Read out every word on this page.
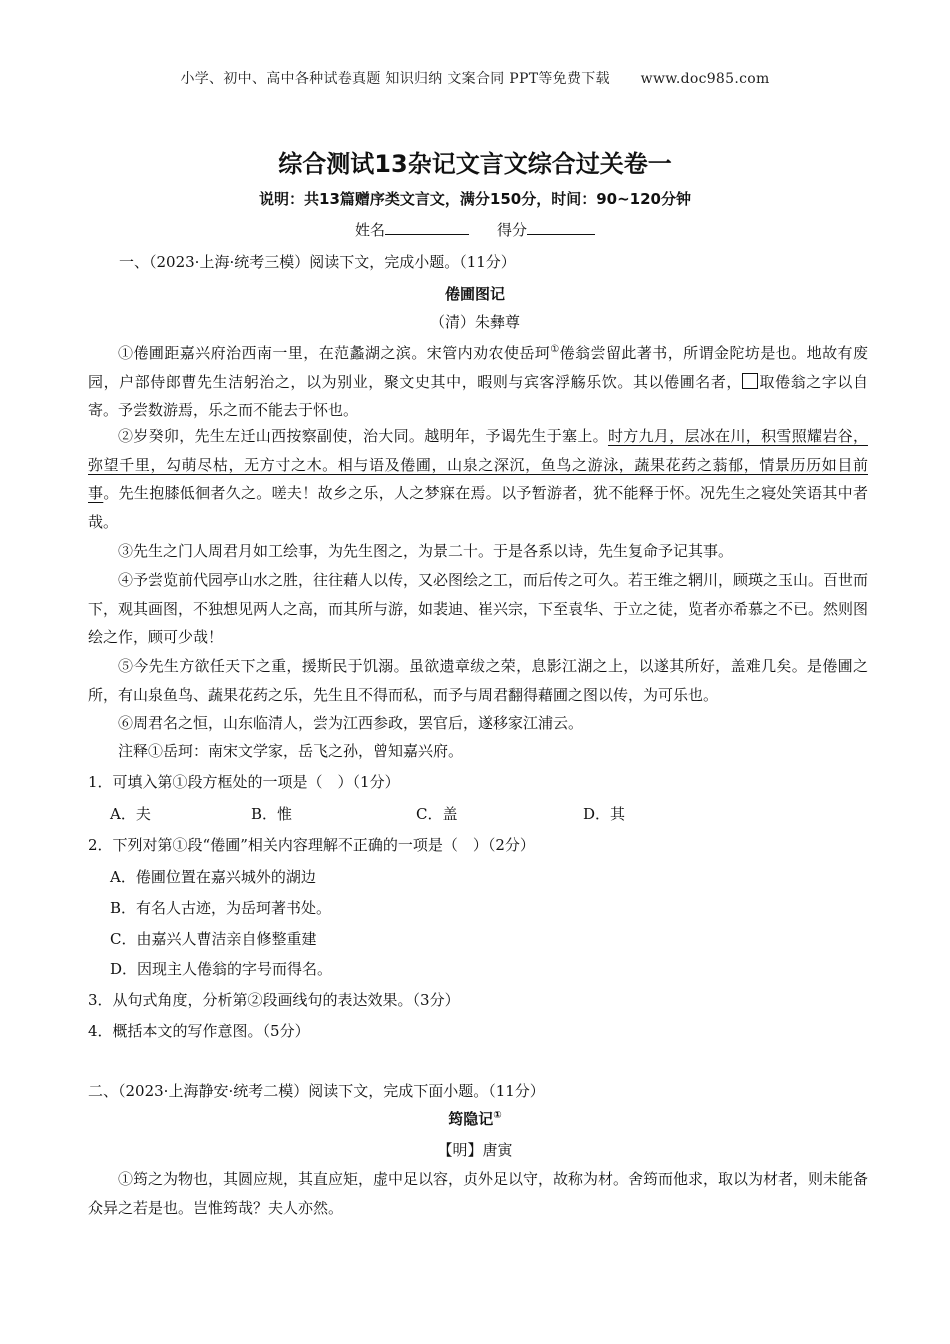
小学、初中、高中各种试卷真题 知识归纳 文案合同 PPT等免费下载 www.doc985.com
综合测试13杂记文言文综合过关卷一
说明：共13篇赠序类文言文，满分150分，时间：90~120分钟
姓名	得分
一、（2023·上海·统考三模）阅读下文，完成小题。（11分）
倦圃图记
（清）朱彝尊
①倦圃距嘉兴府治西南一里，在范蠡湖之滨。宋管内劝农使岳珂①倦翁尝留此著书，所谓金陀坊是也。地故有废园，户部侍郎曹先生洁躬治之，以为别业，聚文史其中，暇则与宾客浮觞乐饮。其以倦圃名者， 取倦翁之字以自寄。予尝数游焉，乐之而不能去于怀也。
②岁癸卯，先生左迁山西按察副使，治大同。越明年，予谒先生于塞上。时方九月，层冰在川，积雪照耀岩谷，弥望千里，勾萌尽枯，无方寸之木。相与语及倦圃，山泉之深沉，鱼鸟之游泳，蔬果花药之蓊郁，情景历历如目前事。先生抱膝低徊者久之。嗟夫！故乡之乐，人之梦寐在焉。以予暂游者，犹不能释于怀。况先生之寝处笑语其中者哉。
③先生之门人周君月如工绘事，为先生图之，为景二十。于是各系以诗，先生复命予记其事。
④予尝览前代园亭山水之胜，往往藉人以传，又必图绘之工，而后传之可久。若王维之辋川，顾瑛之玉山。百世而下，观其画图，不独想见两人之高，而其所与游，如裴迪、崔兴宗，下至袁华、于立之徒，览者亦希慕之不已。然则图绘之作，顾可少哉！
⑤今先生方欲任天下之重，援斯民于饥溺。虽欲遗章绂之荣，息影江湖之上，以遂其所好，盖难几矣。是倦圃之所，有山泉鱼鸟、蔬果花药之乐，先生且不得而私，而予与周君翻得藉圃之图以传，为可乐也。
⑥周君名之恒，山东临清人，尝为江西参政，罢官后，遂移家江浦云。
注释①岳珂：南宋文学家，岳飞之孙，曾知嘉兴府。
1．可填入第①段方框处的一项是（　）（1分）
A．夫	B．惟	C．盖	D．其
2．下列对第①段“倦圃”相关内容理解不正确的一项是（　）（2分）
A．倦圃位置在嘉兴城外的湖边
B．有名人古迹，为岳珂著书处。
C．由嘉兴人曹洁亲自修整重建
D．因现主人倦翁的字号而得名。
3．从句式角度，分析第②段画线句的表达效果。（3分）
4．概括本文的写作意图。（5分）
二、（2023·上海静安·统考二模）阅读下文，完成下面小题。（11分）
筠隐记①
【明】唐寅
①筠之为物也，其圆应规，其直应矩，虚中足以容，贞外足以守，故称为材。舍筠而他求，取以为材者，则未能备众异之若是也。岂惟筠哉？夫人亦然。
